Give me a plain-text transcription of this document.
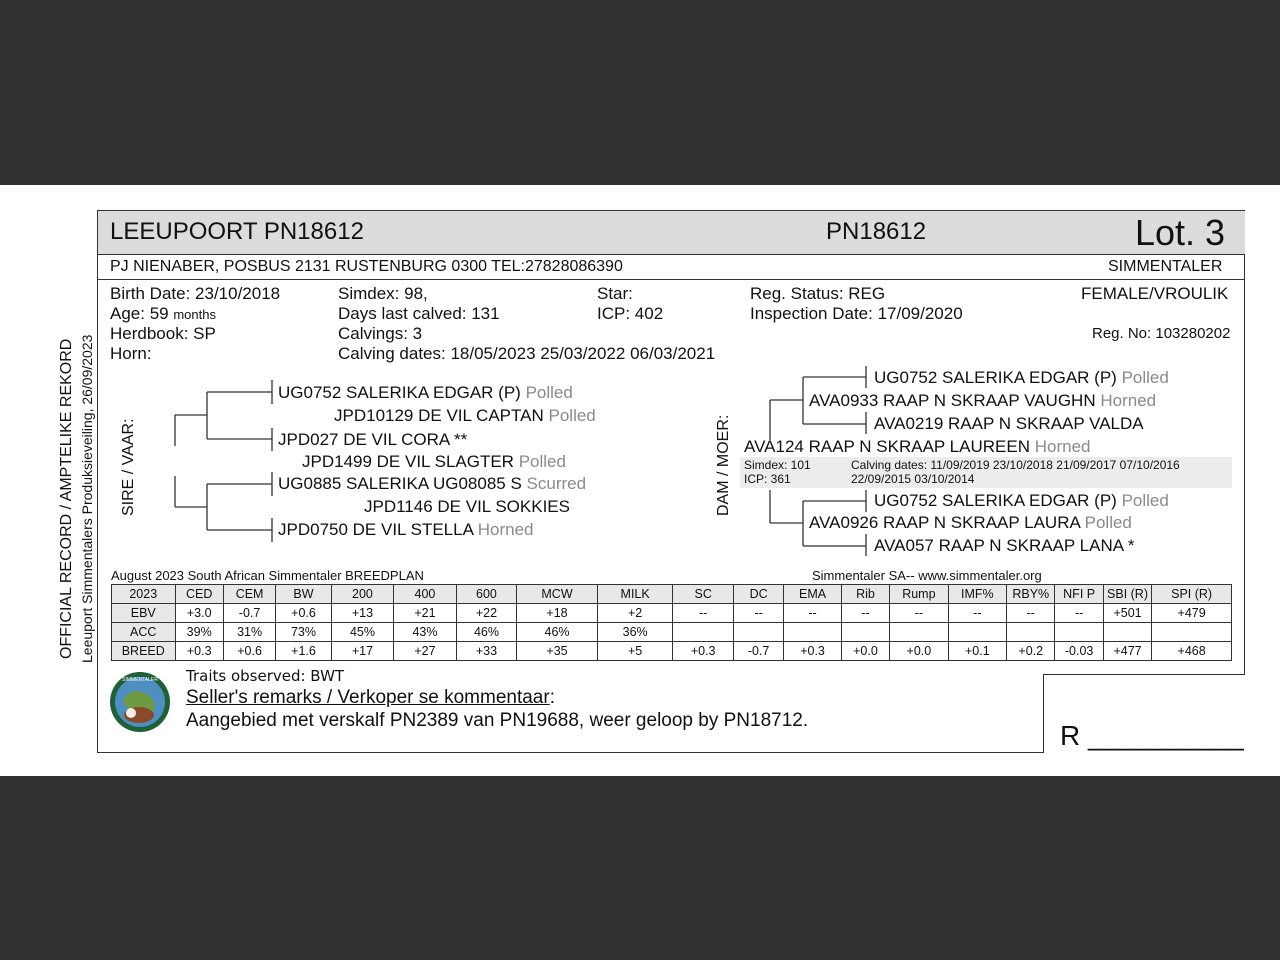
LEEUPOORT PN18612	PN18612	Lot. 3
PJ NIENABER, POSBUS 2131 RUSTENBURG 0300 TEL:27828086390	SIMMENTALER
Birth Date: 23/10/2018
Age: 59 months
Herdbook: SP
Horn:
Simdex: 98,
Days last calved: 131
Calvings: 3
Calving dates: 18/05/2023 25/03/2022 06/03/2021
Star:
ICP: 402
Reg. Status: REG
Inspection Date: 17/09/2020
FEMALE/VROULIK
Reg. No: 103280202
OFFICIAL RECORD / AMPTELIKE REKORD Leeuport Simmentalers Produksieveiling, 26/09/2023 SIRE / VAAR:
UG0752 SALERIKA EDGAR (P) Polled
JPD10129 DE VIL CAPTAN Polled
JPD027 DE VIL CORA **
JPD1499 DE VIL SLAGTER Polled
UG0885 SALERIKA UG08085 S Scurred
JPD1146 DE VIL SOKKIES
JPD0750 DE VIL STELLA Horned
DAM / MOER:
UG0752 SALERIKA EDGAR (P) Polled
AVA0933 RAAP N SKRAAP VAUGHN Horned
AVA0219 RAAP N SKRAAP VALDA
AVA124 RAAP N SKRAAP LAUREEN Horned
Simdex: 101
ICP: 361
Calving dates: 11/09/2019 23/10/2018 21/09/2017 07/10/2016
22/09/2015 03/10/2014
UG0752 SALERIKA EDGAR (P) Polled
AVA0926 RAAP N SKRAAP LAURA Polled
AVA057 RAAP N SKRAAP LANA *
August 2023 South African Simmentaler BREEDPLAN	Simmentaler SA-- www.simmentaler.org
2023	CED	CEM	BW	200	400	600	MCW	MILK	SC	DC	EMA	Rib	Rump	IMF%	RBY%	NFI P	SBI (R)	SPI (R)
EBV	+3.0	-0.7	+0.6	+13	+21	+22	+18	+2	--	--	--	--	--	--	--	--	+501	+479
ACC	39%	31%	73%	45%	43%	46%	46%	36%										
BREED	+0.3	+0.6	+1.6	+17	+27	+33	+35	+5	+0.3	-0.7	+0.3	+0.0	+0.0	+0.1	+0.2	-0.03	+477	+468
R __________
SIMMENTALER Traits observed: BWT
Seller's remarks / Verkoper se kommentaar:
Aangebied met verskalf PN2389 van PN19688, weer geloop by PN18712.
